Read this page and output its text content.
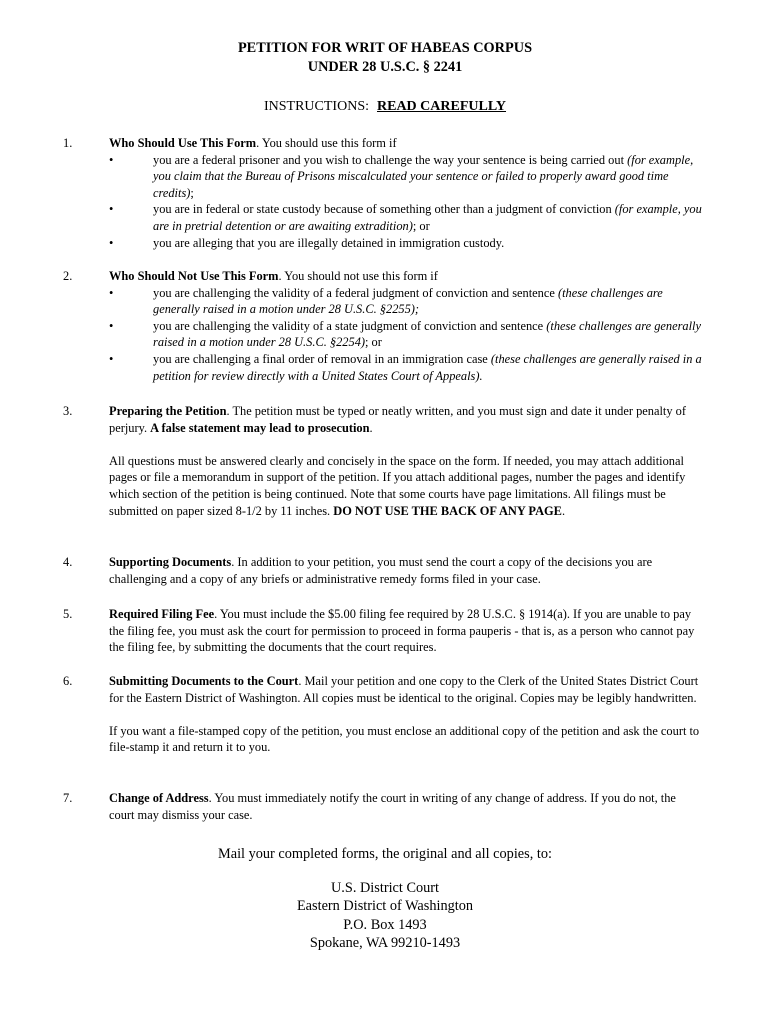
PETITION FOR WRIT OF HABEAS CORPUS
UNDER 28 U.S.C. § 2241
INSTRUCTIONS: READ CAREFULLY
1.	Who Should Use This Form. You should use this form if
•	you are a federal prisoner and you wish to challenge the way your sentence is being carried out (for example, you claim that the Bureau of Prisons miscalculated your sentence or failed to properly award good time credits);
•	you are in federal or state custody because of something other than a judgment of conviction (for example, you are in pretrial detention or are awaiting extradition); or
•	you are alleging that you are illegally detained in immigration custody.
2.	Who Should Not Use This Form. You should not use this form if
•	you are challenging the validity of a federal judgment of conviction and sentence (these challenges are generally raised in a motion under 28 U.S.C. §2255);
•	you are challenging the validity of a state judgment of conviction and sentence (these challenges are generally raised in a motion under 28 U.S.C. §2254); or
•	you are challenging a final order of removal in an immigration case (these challenges are generally raised in a petition for review directly with a United States Court of Appeals).
3.	Preparing the Petition. The petition must be typed or neatly written, and you must sign and date it under penalty of perjury. A false statement may lead to prosecution.

All questions must be answered clearly and concisely in the space on the form. If needed, you may attach additional pages or file a memorandum in support of the petition. If you attach additional pages, number the pages and identify which section of the petition is being continued. Note that some courts have page limitations. All filings must be submitted on paper sized 8-1/2 by 11 inches. DO NOT USE THE BACK OF ANY PAGE.

4.	Supporting Documents. In addition to your petition, you must send the court a copy of the decisions you are challenging and a copy of any briefs or administrative remedy forms filed in your case.

5.	Required Filing Fee. You must include the $5.00 filing fee required by 28 U.S.C. § 1914(a). If you are unable to pay the filing fee, you must ask the court for permission to proceed in forma pauperis - that is, as a person who cannot pay the filing fee, by submitting the documents that the court requires.

6.	Submitting Documents to the Court. Mail your petition and one copy to the Clerk of the United States District Court for the Eastern District of Washington. All copies must be identical to the original. Copies may be legibly handwritten.

If you want a file-stamped copy of the petition, you must enclose an additional copy of the petition and ask the court to file-stamp it and return it to you.

7.	Change of Address. You must immediately notify the court in writing of any change of address. If you do not, the court may dismiss your case.

Mail your completed forms, the original and all copies, to:
U.S. District Court
Eastern District of Washington
P.O. Box 1493
Spokane, WA 99210-1493
